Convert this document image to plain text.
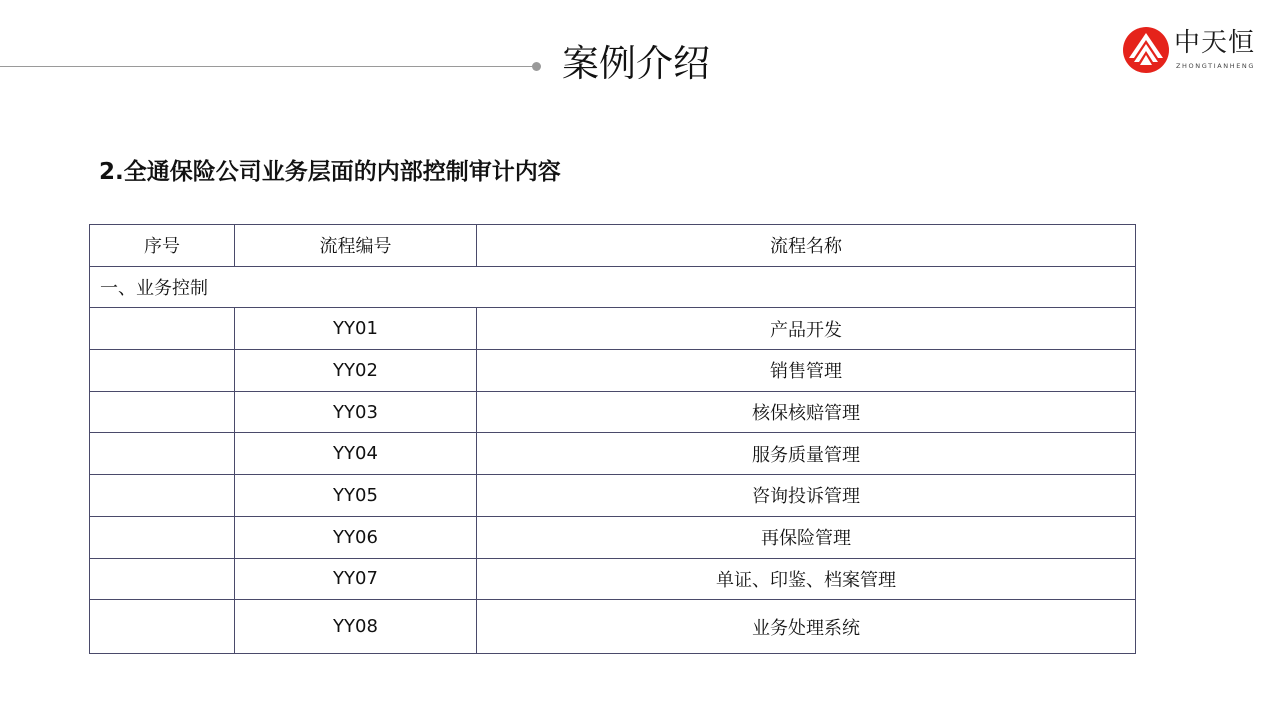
案例介绍	中天恒
ZHONGTIANHENG
2.全通保险公司业务层面的内部控制审计内容
序号	流程编号	流程名称
一、业务控制		
	YY01	产品开发
	YY02	销售管理
	YY03	核保核赔管理
	YY04	服务质量管理
	YY05	咨询投诉管理
	YY06	再保险管理
	YY07	单证、印鉴、档案管理
	YY08	业务处理系统
